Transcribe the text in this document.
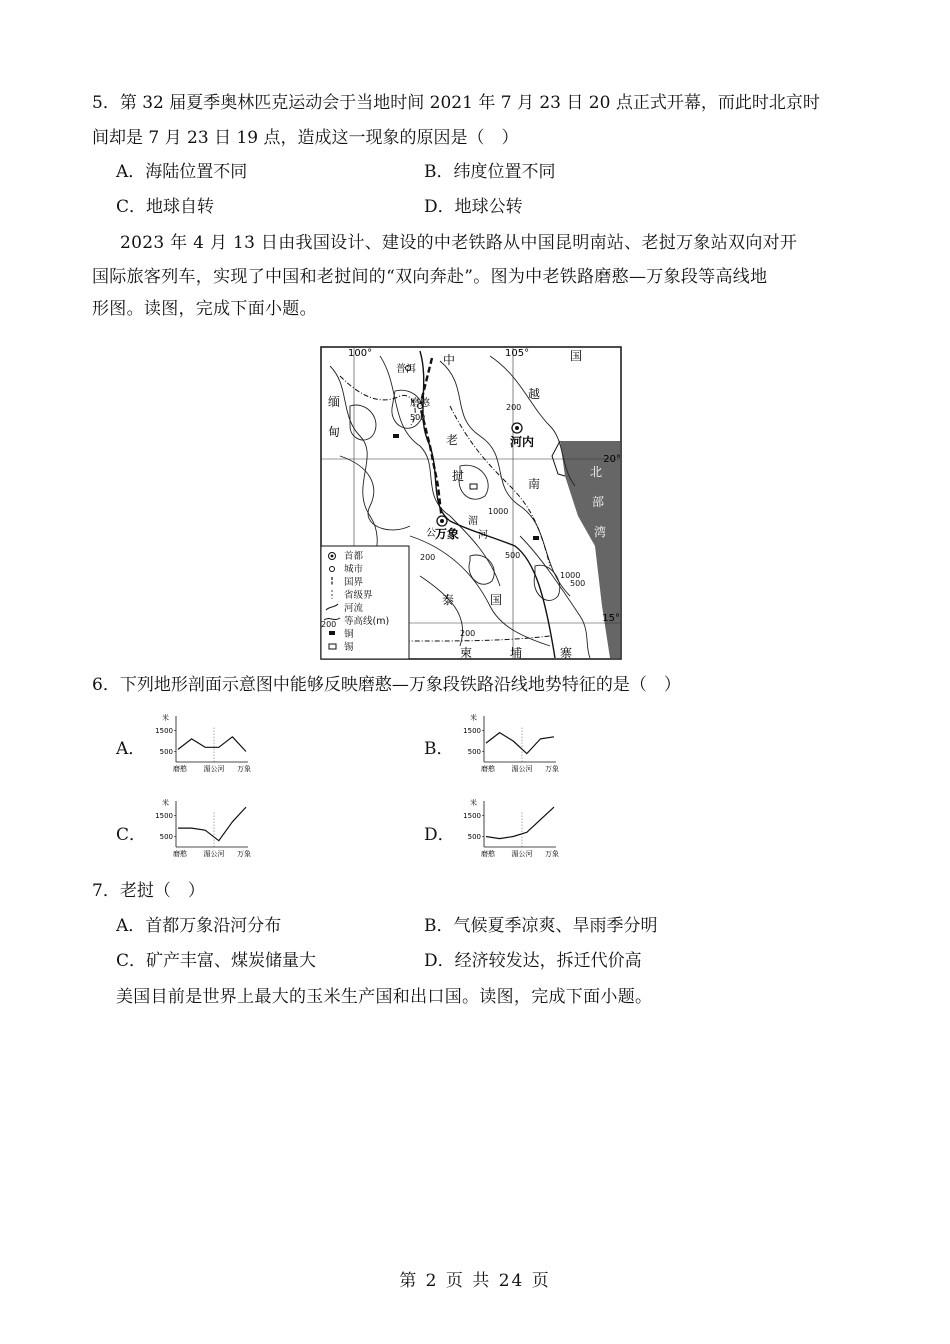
5．第 32 届夏季奥林匹克运动会于当地时间 2021 年 7 月 23 日 20 点正式开幕，而此时北京时
间却是 7 月 23 日 19 点，造成这一现象的原因是（　）
A．海陆位置不同	B．纬度位置不同
C．地球自转	D．地球公转
2023 年 4 月 13 日由我国设计、建设的中老铁路从中国昆明南站、老挝万象站双向对开
国际旅客列车，实现了中国和老挝间的“双向奔赴”。图为中老铁路磨憨—万象段等高线地
形图。读图，完成下面小题。
100°	105°
20°
15°
中	国
缅
甸
老
挝
越
南
泰	国
柬	埔	寨
北
部
湾
河内
万象
普洱
磨憨
湄
公	河
200
500
1000
500
200
1000
500
200
首都
城市
国界
省级界
河流
等高线(m)
200
铜
锡
6．下列地形剖面示意图中能够反映磨憨—万象段铁路沿线地势特征的是（　）
A．	B．
C．	D．
米
1500
500
磨憨 湄公河 万象
米
1500
500
磨憨 湄公河 万象
米
1500
500
磨憨 湄公河 万象
米
1500
500
磨憨 湄公河 万象
7．老挝（　）
A．首都万象沿河分布	B．气候夏季凉爽、旱雨季分明
C．矿产丰富、煤炭储量大	D．经济较发达，拆迁代价高
美国目前是世界上最大的玉米生产国和出口国。读图，完成下面小题。
第 2 页 共 24 页
